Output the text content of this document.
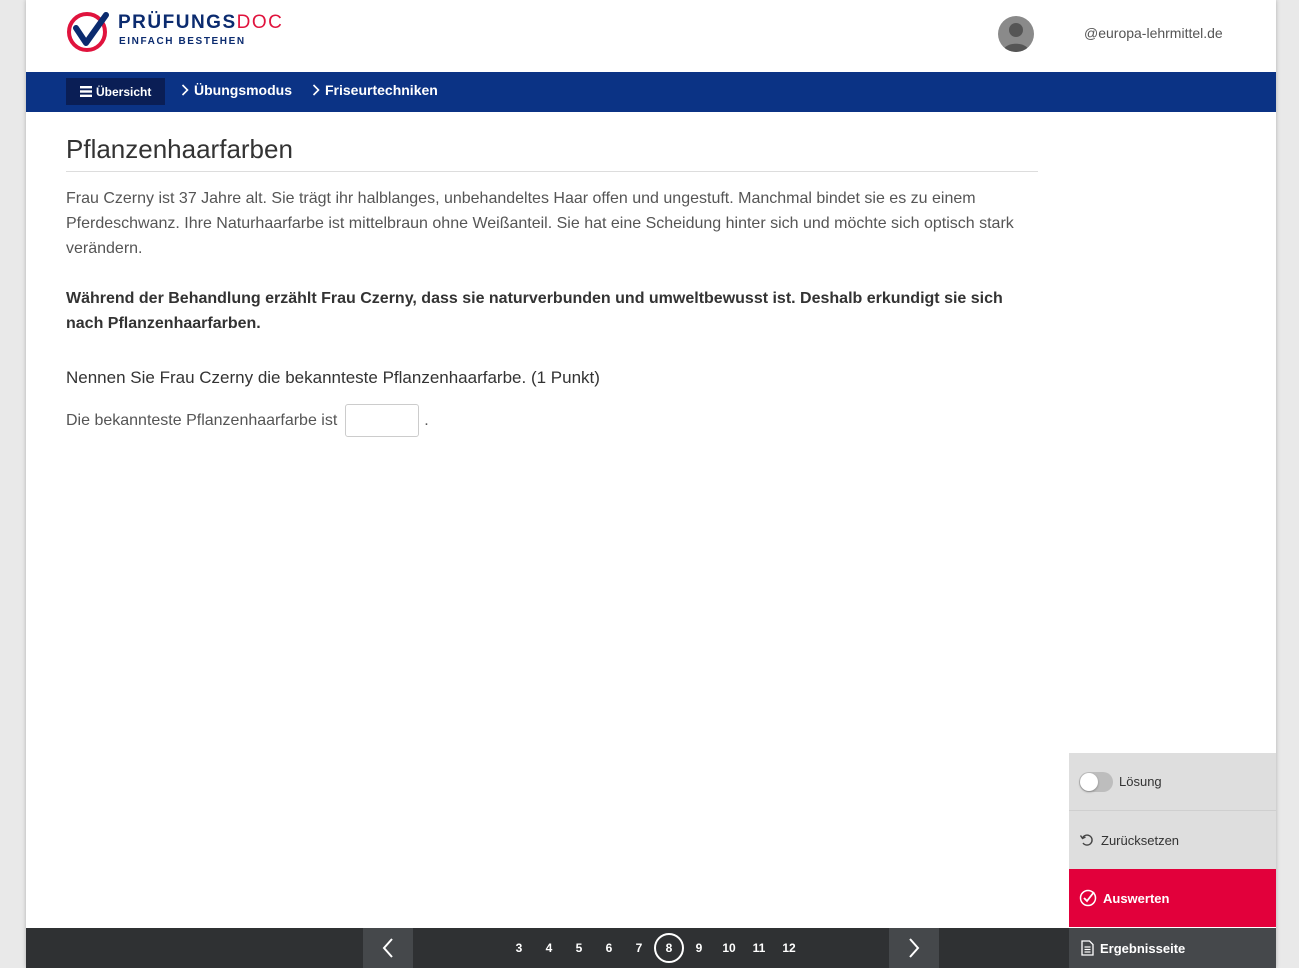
PRÜFUNGSDOC
EINFACH BESTEHEN
@europa-lehrmittel.de
Übersicht	Übungsmodus Friseurtechniken
Pflanzenhaarfarben

Frau Czerny ist 37 Jahre alt. Sie trägt ihr halblanges, unbehandeltes Haar offen und ungestuft. Manchmal bindet sie es zu einem Pferdeschwanz. Ihre Naturhaarfarbe ist mittelbraun ohne Weißanteil. Sie hat eine Scheidung hinter sich und möchte sich optisch stark verändern.

Während der Behandlung erzählt Frau Czerny, dass sie naturverbunden und umweltbewusst ist. Deshalb erkundigt sie sich nach Pflanzenhaarfarben.

Nennen Sie Frau Czerny die bekannteste Pflanzenhaarfarbe. (1 Punkt)
Die bekannteste Pflanzenhaarfarbe ist	.
Lösung
Zurücksetzen
Auswerten
3	4	5	6	7	8	9	10	11	12	Ergebnisseite
